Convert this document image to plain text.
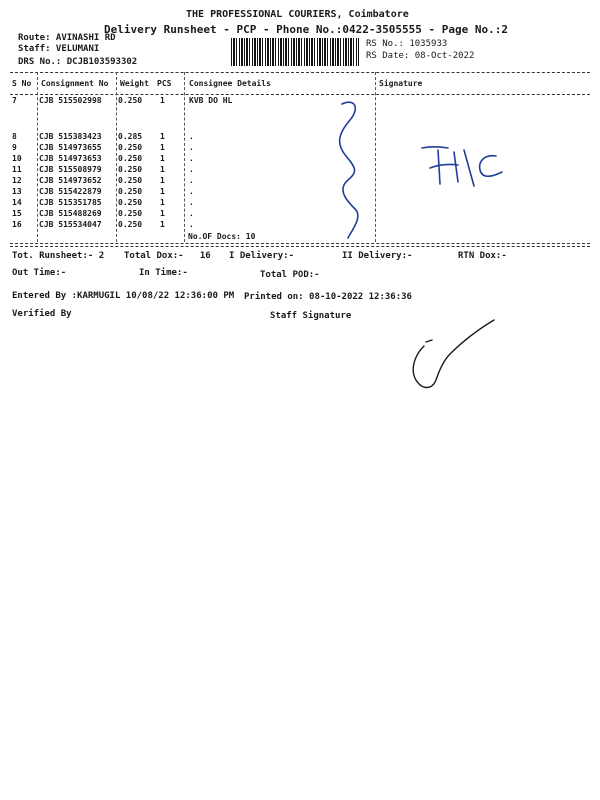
THE PROFESSIONAL COURIERS, Coimbatore
Delivery Runsheet - PCP - Phone No.:0422-3505555 - Page No.:2
Route: AVINASHI RD
Staff: VELUMANI
DRS No.: DCJB103593302
RS No.: 1035933
RS Date: 08-Oct-2022
S No Consignment No Weight PCS Consignee Details	Signature
7	CJB 515502998 0.250 1	KVB DO HL
8	CJB 515383423 0.285 1	.
9	CJB 514973655 0.250 1	.
10 CJB 514973653 0.250 1	.
11 CJB 515508979 0.250 1	.
12 CJB 514973652 0.250 1	.
13 CJB 515422879 0.250 1	.
14 CJB 515351785 0.250 1	.
15 CJB 515488269 0.250 1	.
16 CJB 515534047 0.250 1	.
No.OF Docs: 10
Tot. Runsheet:- 2 Total Dox:-   16 I Delivery:-	II Delivery:-	RTN Dox:-
Out Time:-	In Time:-	Total POD:-
Entered By :KARMUGIL 10/08/22 12:36:00 PM Printed on: 08-10-2022 12:36:36
Verified By	Staff Signature
